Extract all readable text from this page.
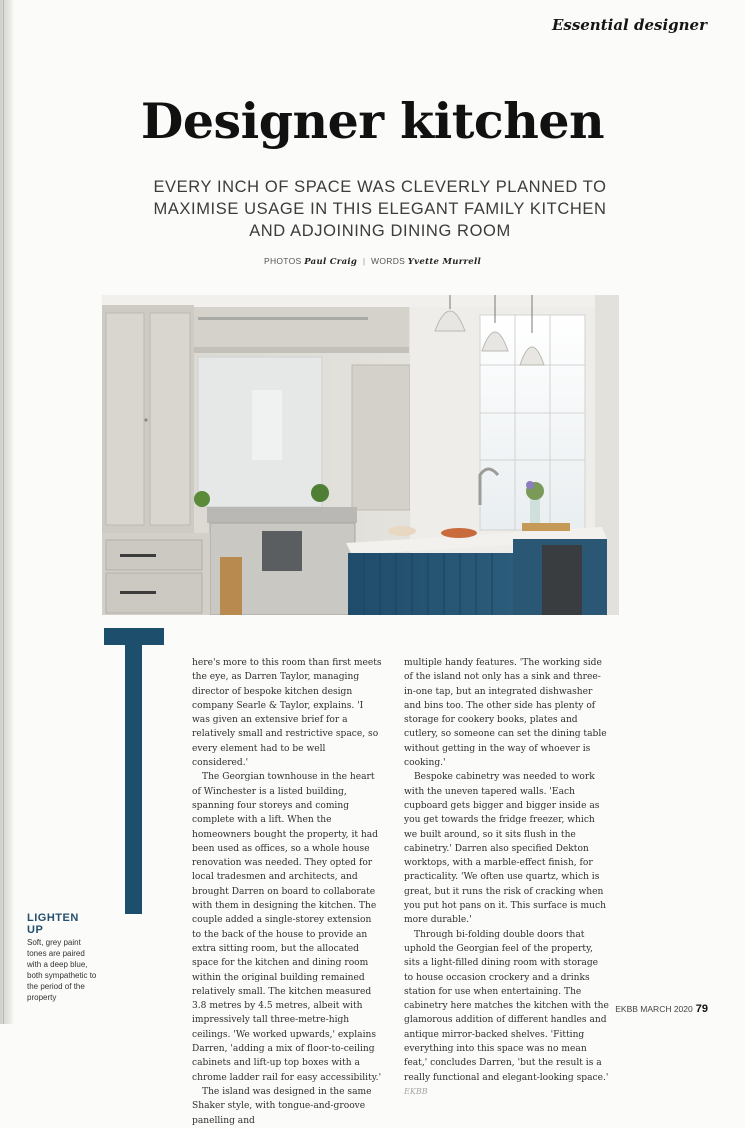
Essential designer
Designer kitchen
EVERY INCH OF SPACE WAS CLEVERLY PLANNED TO MAXIMISE USAGE IN THIS ELEGANT FAMILY KITCHEN AND ADJOINING DINING ROOM
PHOTOS Paul Craig | WORDS Yvette Murrell

here's more to this room than first meets the eye, as Darren Taylor, managing director of bespoke kitchen design company Searle & Taylor, explains. 'I was given an extensive brief for a relatively small and restrictive space, so every element had to be well considered.'

The Georgian townhouse in the heart of Winchester is a listed building, spanning four storeys and coming complete with a lift. When the homeowners bought the property, it had been used as offices, so a whole house renovation was needed. They opted for local tradesmen and architects, and brought Darren on board to collaborate with them in designing the kitchen. The couple added a single-storey extension to the back of the house to provide an extra sitting room, but the allocated space for the kitchen and dining room within the original building remained relatively small. The kitchen measured 3.8 metres by 4.5 metres, albeit with impressively tall three-metre-high ceilings. 'We worked upwards,' explains Darren, 'adding a mix of floor-to-ceiling cabinets and lift-up top boxes with a chrome ladder rail for easy accessibility.'

The island was designed in the same Shaker style, with tongue-and-groove panelling and

multiple handy features. 'The working side of the island not only has a sink and three-in-one tap, but an integrated dishwasher and bins too. The other side has plenty of storage for cookery books, plates and cutlery, so someone can set the dining table without getting in the way of whoever is cooking.'

Bespoke cabinetry was needed to work with the uneven tapered walls. 'Each cupboard gets bigger and bigger inside as you get towards the fridge freezer, which we built around, so it sits flush in the cabinetry.' Darren also specified Dekton worktops, with a marble-effect finish, for practicality. 'We often use quartz, which is great, but it runs the risk of cracking when you put hot pans on it. This surface is much more durable.'

Through bi-folding double doors that uphold the Georgian feel of the property, sits a light-filled dining room with storage to house occasion crockery and a drinks station for use when entertaining. The cabinetry here matches the kitchen with the glamorous addition of different handles and antique mirror-backed shelves. 'Fitting everything into this space was no mean feat,' concludes Darren, 'but the result is a really functional and elegant-looking space.' EKBB

LIGHTEN UP
Soft, grey paint tones are paired with a deep blue, both sympathetic to the period of the property
EKBB MARCH 2020 79
